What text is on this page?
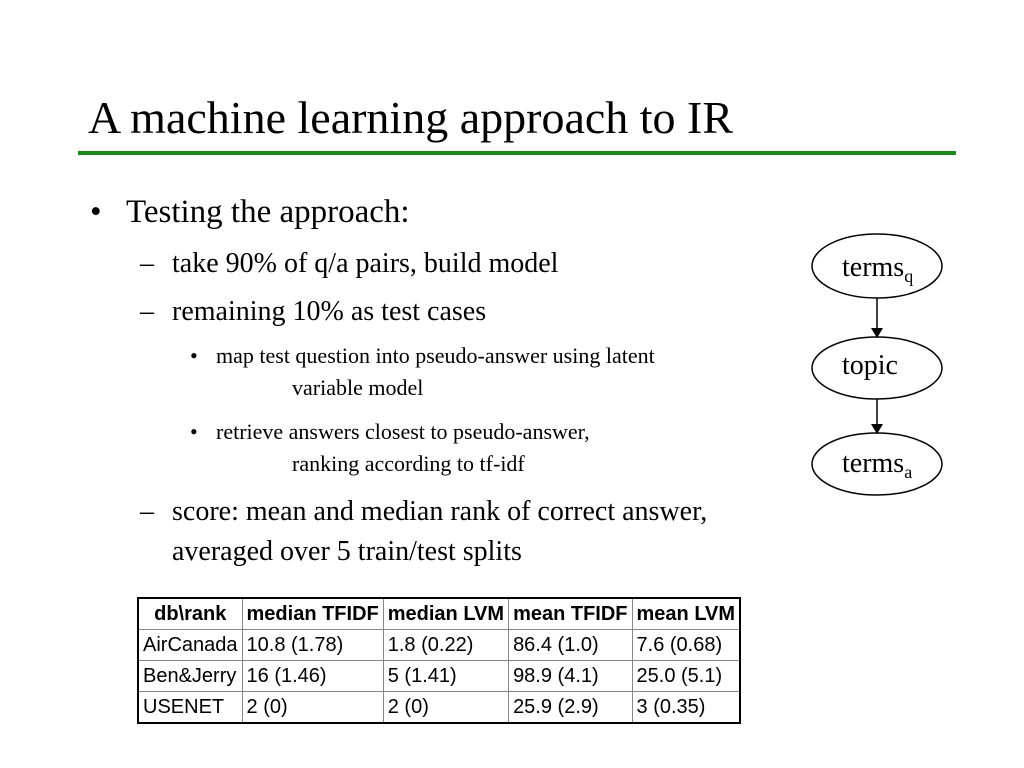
A machine learning approach to IR
• Testing the approach:
– take 90% of q/a pairs, build model
– remaining 10% as test cases
• map test question into pseudo-answer using latent
variable model
• retrieve answers closest to pseudo-answer,
ranking according to tf-idf
– score: mean and median rank of correct answer,
averaged over 5 train/test splits
terms$_q$
topic
terms$_a$
db\rank	median TFIDF	median LVM	mean TFIDF	mean LVM
AirCanada	10.8 (1.78)	1.8 (0.22)	86.4 (1.0)	7.6 (0.68)
Ben&Jerry	16 (1.46)	5 (1.41)	98.9 (4.1)	25.0 (5.1)
USENET	2 (0)	2 (0)	25.9 (2.9)	3 (0.35)
